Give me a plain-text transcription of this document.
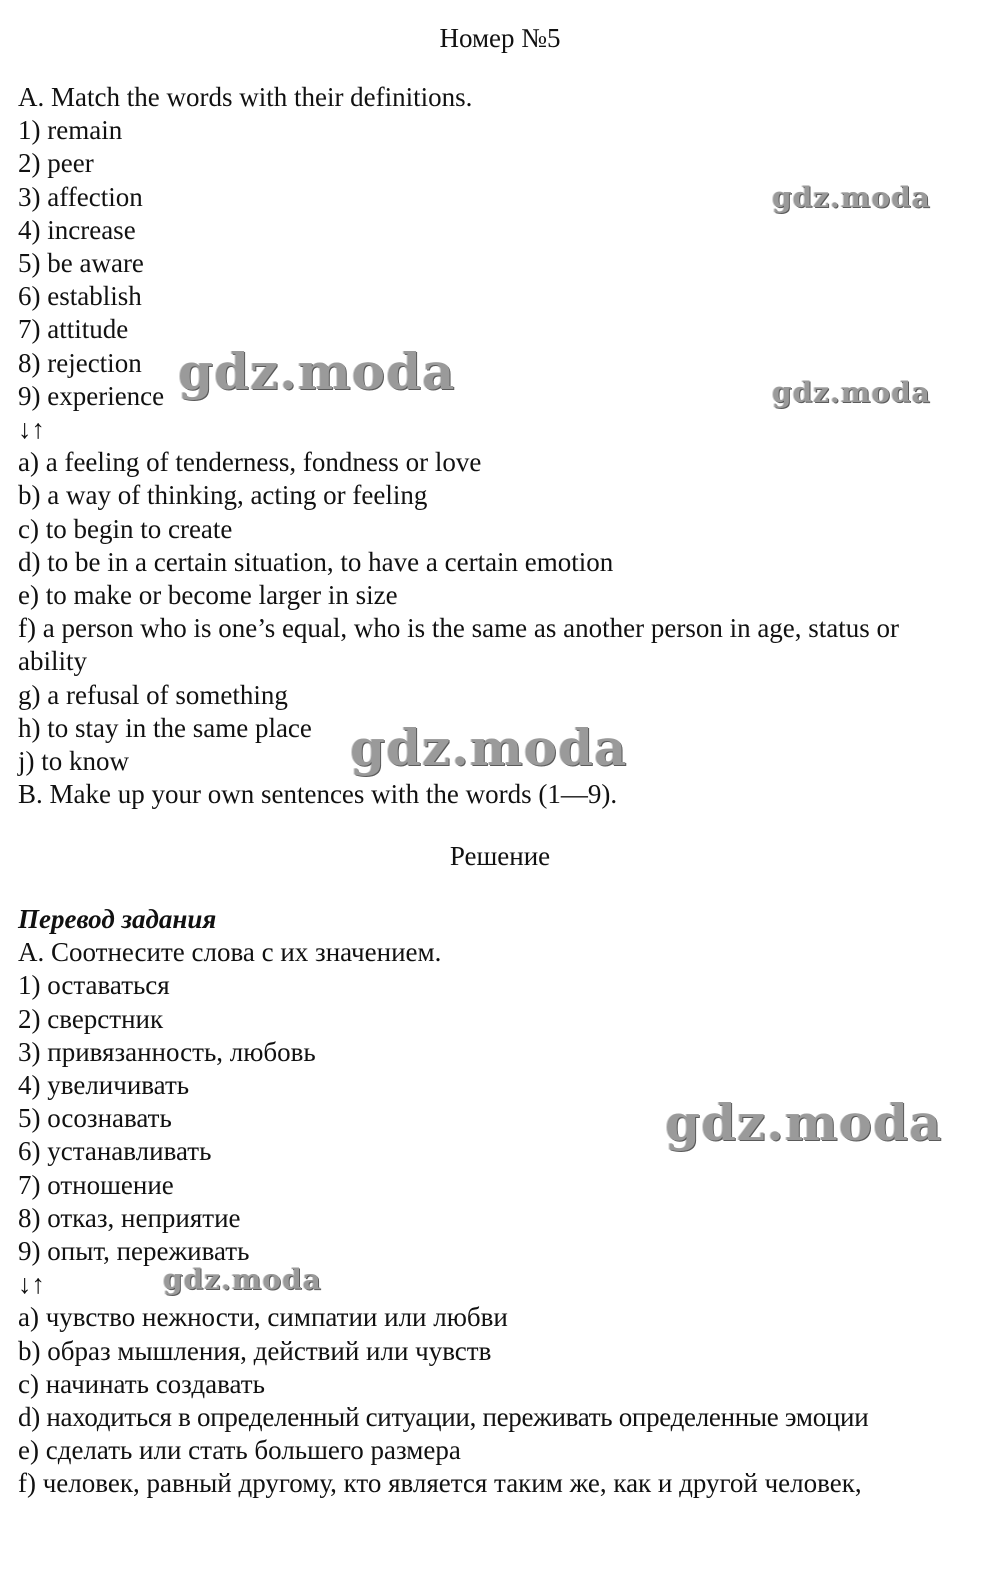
Номер №5
A. Match the words with their definitions.
1) remain
2) peer
3) affection
4) increase
5) be aware
6) establish
7) attitude
8) rejection
9) experience
↓↑
a) a feeling of tenderness, fondness or love
b) a way of thinking, acting or feeling
c) to begin to create
d) to be in a certain situation, to have a certain emotion
e) to make or become larger in size
f) a person who is one’s equal, who is the same as another person in age, status or ability
g) a refusal of something
h) to stay in the same place
j) to know
B. Make up your own sentences with the words (1—9).
Решение
Перевод задания
А. Соотнесите слова с их значением.
1) оставаться
2) сверстник
3) привязанность, любовь
4) увеличивать
5) осознавать
6) устанавливать
7) отношение
8) отказ, неприятие
9) опыт, переживать
↓↑
a) чувство нежности, симпатии или любви
b) образ мышления, действий или чувств
c) начинать создавать
d) находиться в определенный ситуации, переживать определенные эмоции
e) сделать или стать большего размера
f) человек, равный другому, кто является таким же, как и другой человек,
gdz.moda
gdz.moda	gdz.moda
gdz.moda
gdz.moda
gdz.moda
